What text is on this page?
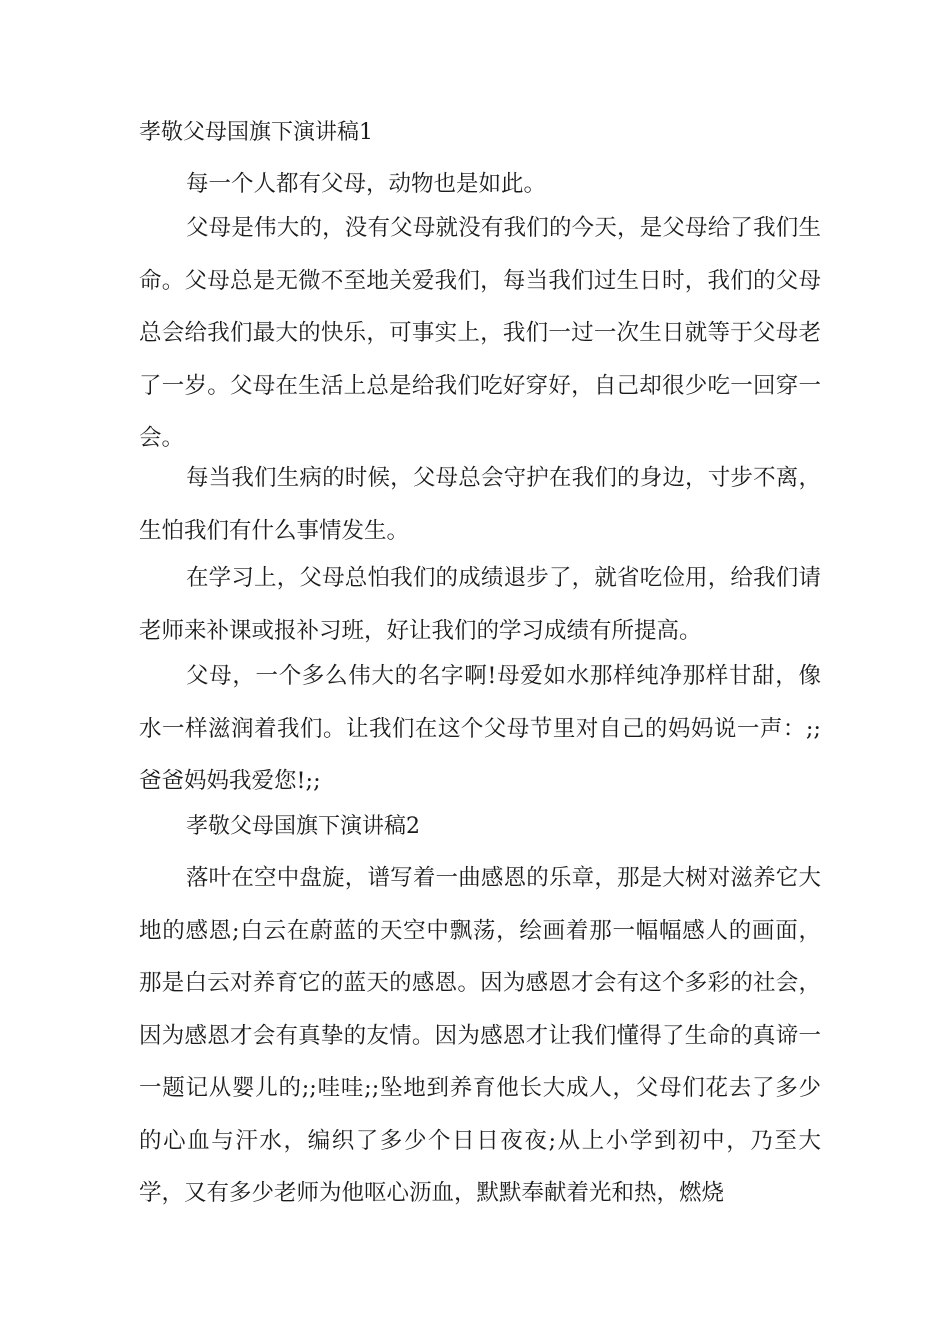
孝敬父母国旗下演讲稿1

每一个人都有父母，动物也是如此。

父母是伟大的，没有父母就没有我们的今天，是父母给了我们生命。父母总是无微不至地关爱我们，每当我们过生日时，我们的父母总会给我们最大的快乐，可事实上，我们一过一次生日就等于父母老了一岁。父母在生活上总是给我们吃好穿好，自己却很少吃一回穿一会。

每当我们生病的时候，父母总会守护在我们的身边，寸步不离，生怕我们有什么事情发生。

在学习上，父母总怕我们的成绩退步了，就省吃俭用，给我们请老师来补课或报补习班，好让我们的学习成绩有所提高。

父母，一个多么伟大的名字啊!母爱如水那样纯净那样甘甜，像水一样滋润着我们。让我们在这个父母节里对自己的妈妈说一声：;;爸爸妈妈我爱您!;;

孝敬父母国旗下演讲稿2

落叶在空中盘旋，谱写着一曲感恩的乐章，那是大树对滋养它大地的感恩;白云在蔚蓝的天空中飘荡，绘画着那一幅幅感人的画面，那是白云对养育它的蓝天的感恩。因为感恩才会有这个多彩的社会，因为感恩才会有真挚的友情。因为感恩才让我们懂得了生命的真谛一一题记从婴儿的;;哇哇;;坠地到养育他长大成人，父母们花去了多少的心血与汗水，编织了多少个日日夜夜;从上小学到初中，乃至大学，又有多少老师为他呕心沥血，默默奉献着光和热，燃烧
